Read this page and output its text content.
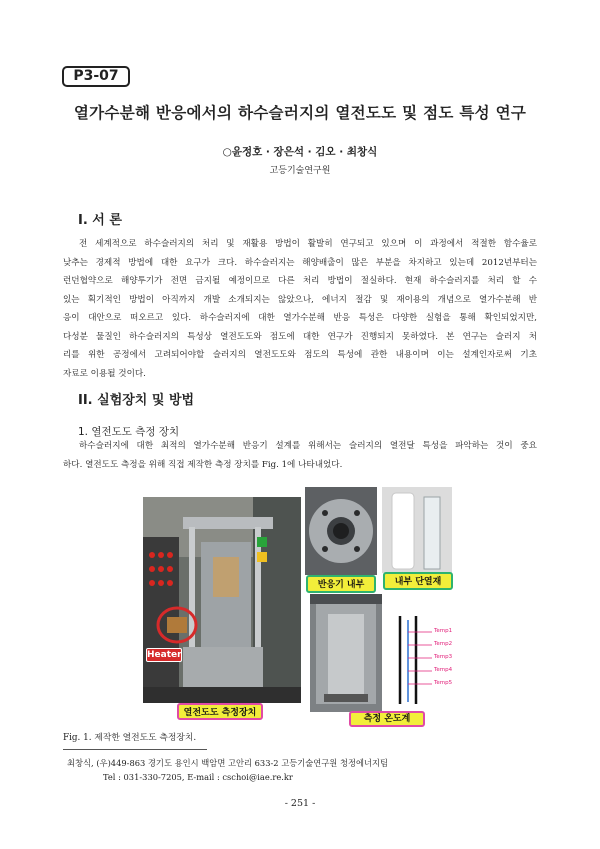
P3-07
열가수분해 반응에서의 하수슬러지의 열전도도 및 점도 특성 연구
○윤정호 · 장은석 · 김오 · 최창식
고등기술연구원
I. 서 론
전 세계적으로 하수슬러지의 처리 및 재활용 방법이 활발히 연구되고 있으며 이 과정에서 적절한 함수율로
낮추는 경제적 방법에 대한 요구가 크다. 하수슬러지는 해양배출이 많은 부분을 차지하고 있는데 2012년부터는
런던협약으로 해양투기가 전면 금지될 예정이므로 다른 처리 방법이 절실하다. 현재 하수슬러지를 처리 할 수
있는 획기적인 방법이 아직까지 개발 소개되지는 않았으나, 에너지 절감 및 재이용의 개념으로 열가수분해 반
응이 대안으로 떠오르고 있다. 하수슬러지에 대한 열가수분해 반응 특성은 다양한 실험을 통해 확인되었지만,
다성분 물질인 하수슬러지의 특성상 열전도도와 점도에 대한 연구가 진행되지 못하였다. 본 연구는 슬러지 처
리를 위한 공정에서 고려되어야할 슬러지의 열전도도와 점도의 특성에 관한 내용이며 이는 설계인자로써 기초
자료로 이용될 것이다.
II. 실험장치 및 방법
1. 열전도도 측정 장치
하수슬러지에 대한 최적의 열가수분해 반응기 설계를 위해서는 슬러지의 열전달 특성을 파악하는 것이 중요
하다. 열전도도 측정을 위해 직접 제작한 측정 장치를 Fig. 1에 나타내었다.
Heater
열전도도 측정장치
반응기 내부	내부 단열재
Temp1
Temp2
Temp3
Temp4
Temp5
측정 온도계
Fig. 1. 제작한 열전도도 측정장치.
최창식, (우)449-863 경기도 용인시 백암면 고안리 633-2 고등기술연구원 청정에너지팀
Tel : 031-330-7205, E-mail : cschoi@iae.re.kr
- 251 -
